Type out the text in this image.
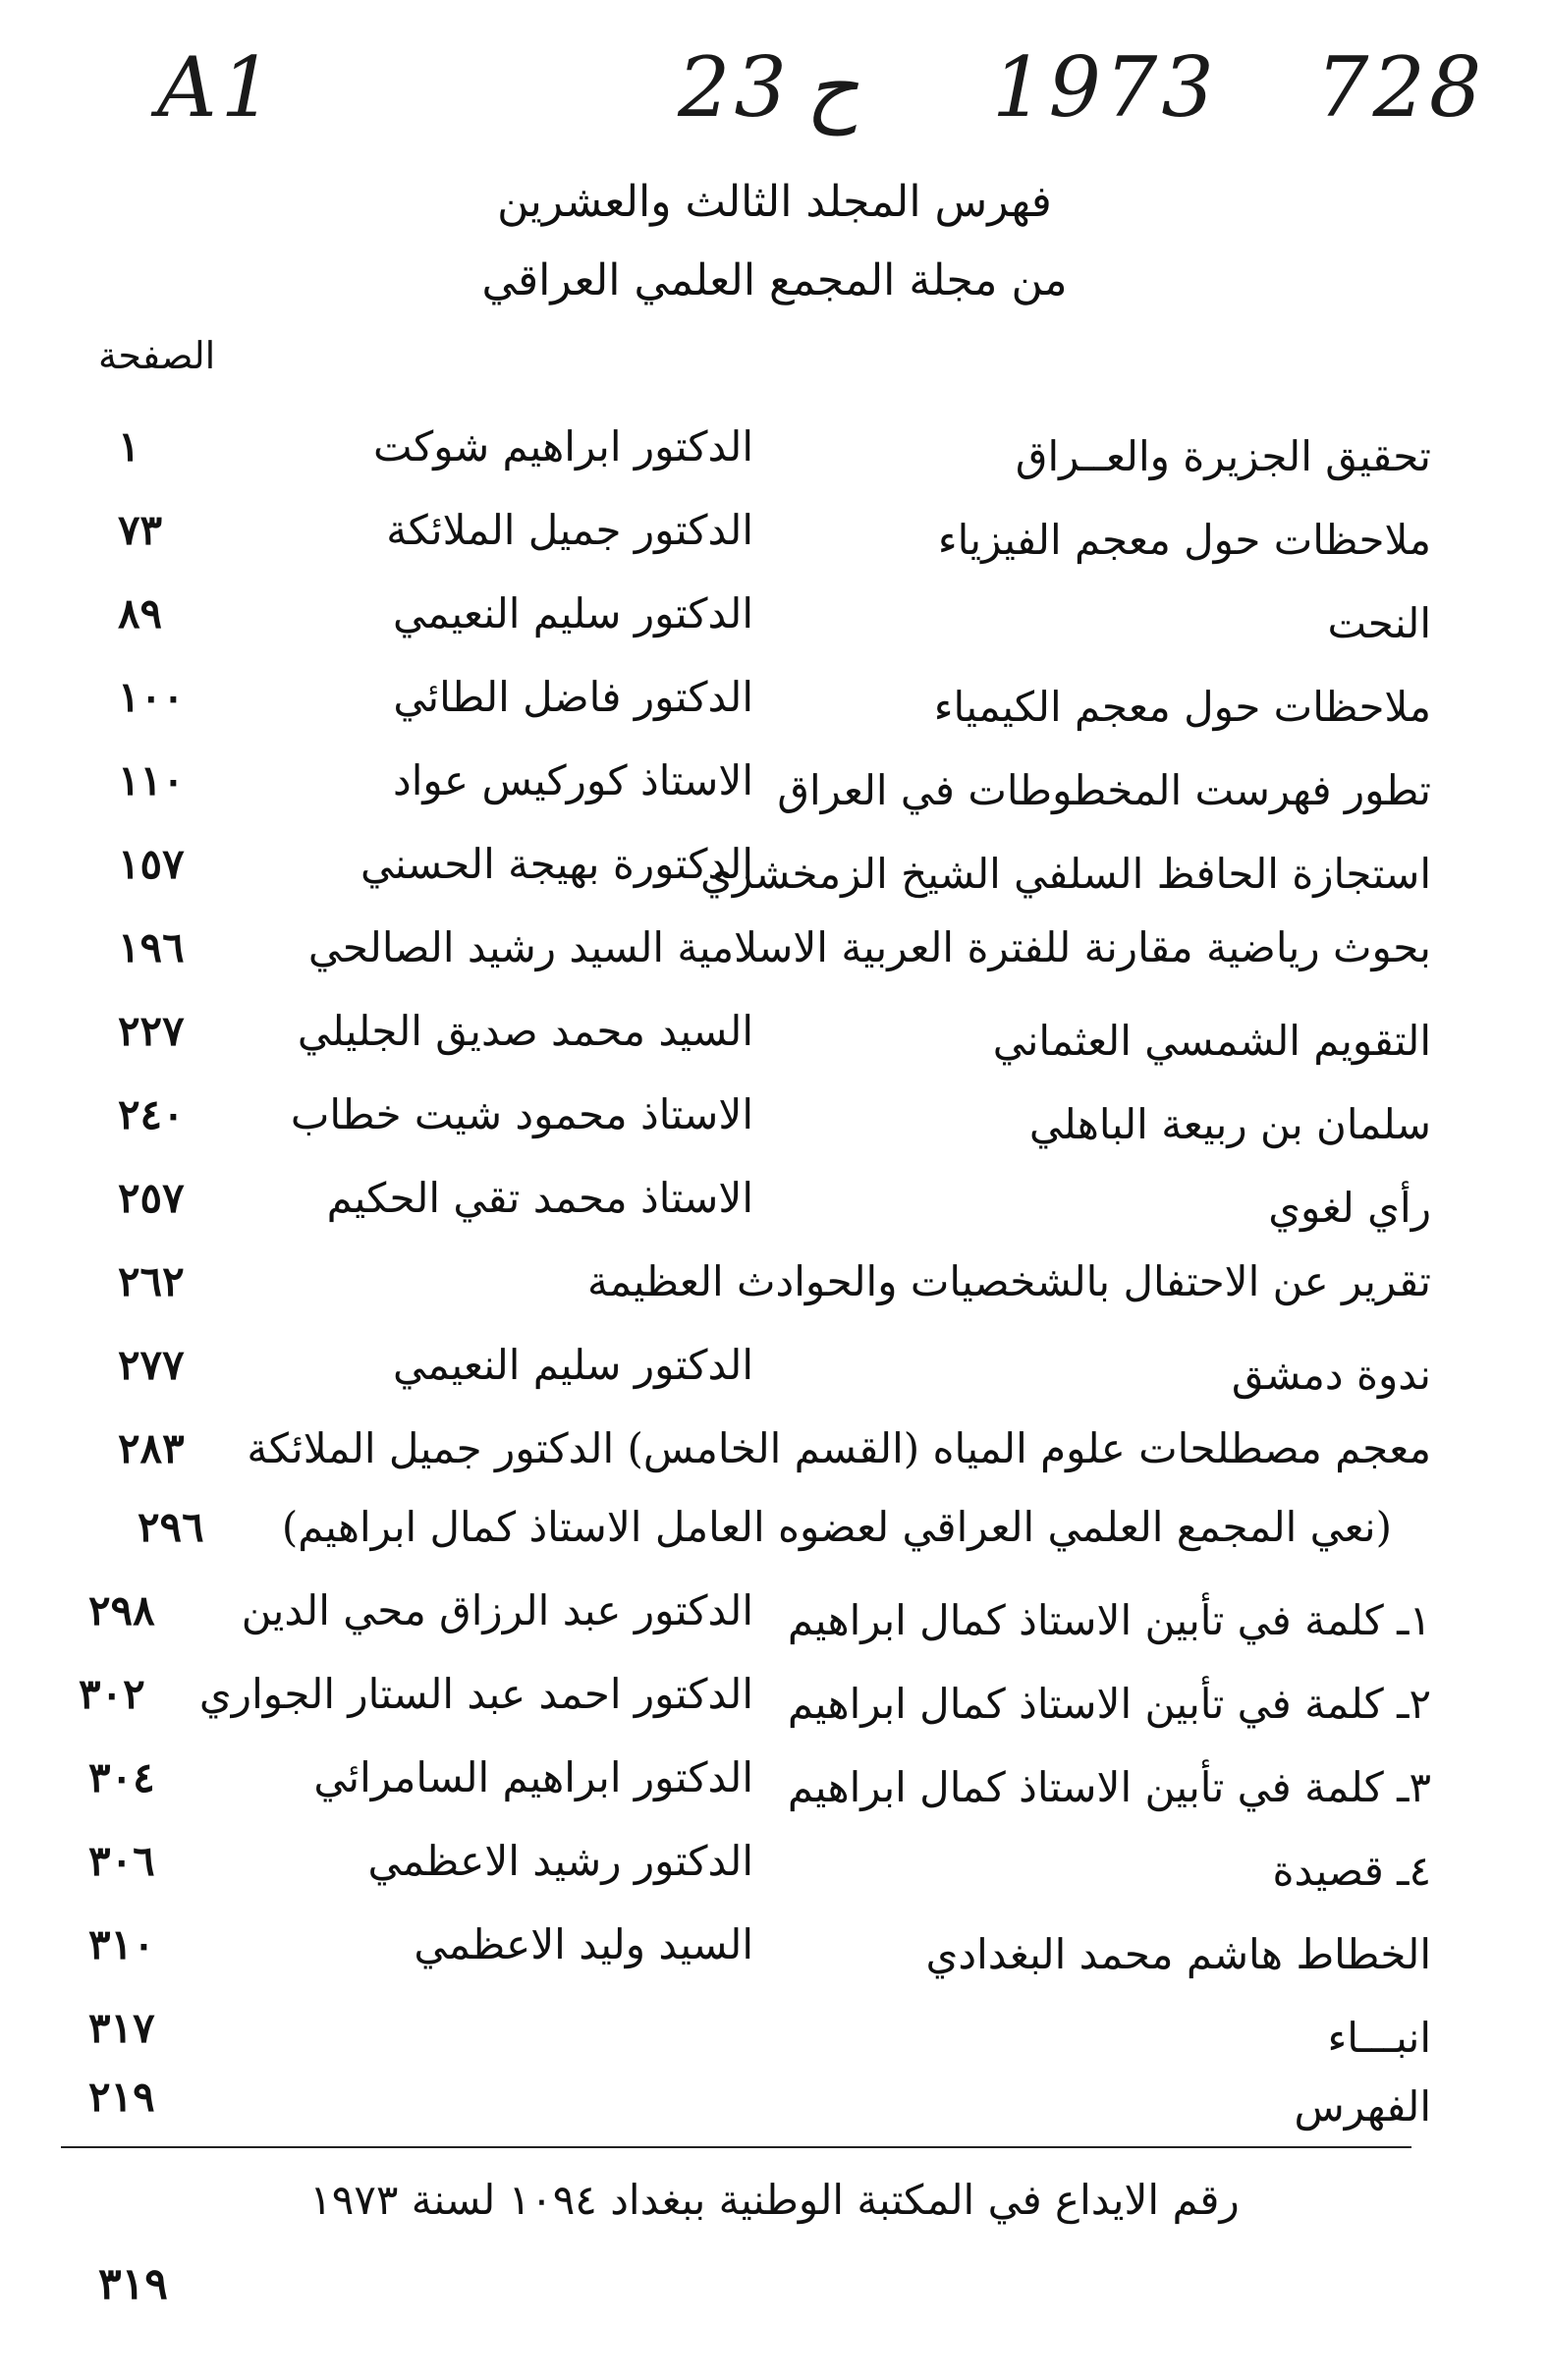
A1	23 ح 1973 728
فهرس المجلد الثالث والعشرين
من مجلة المجمع العلمي العراقي
الصفحة
تحقيق الجزيرة والعــراق
الدكتور ابراهيم شوكت
١
ملاحظات حول معجم الفيزياء
الدكتور جميل الملائكة
٧٣
النحت
الدكتور سليم النعيمي
٨٩
ملاحظات حول معجم الكيمياء
الدكتور فاضل الطائي
١٠٠
تطور فهرست المخطوطات في العراق
الاستاذ كوركيس عواد
١١٠
استجازة الحافظ السلفي الشيخ الزمخشري
الدكتورة بهيجة الحسني
١٥٧
بحوث رياضية مقارنة للفترة العربية الاسلامية السيد رشيد الصالحي
١٩٦
التقويم الشمسي العثماني
السيد محمد صديق الجليلي
٢٢٧
سلمان بن ربيعة الباهلي
الاستاذ محمود شيت خطاب
٢٤٠
رأي لغوي
الاستاذ محمد تقي الحكيم
٢٥٧
تقرير عن الاحتفال بالشخصيات والحوادث العظيمة
٢٦٢
ندوة دمشق
الدكتور سليم النعيمي
٢٧٧
معجم مصطلحات علوم المياه (القسم الخامس) الدكتور جميل الملائكة
٢٨٣
(نعي المجمع العلمي العراقي لعضوه العامل الاستاذ كمال ابراهيم)
٢٩٦
١ـ كلمة في تأبين الاستاذ كمال ابراهيم
الدكتور عبد الرزاق محي الدين
٢٩٨
٢ـ كلمة في تأبين الاستاذ كمال ابراهيم
الدكتور احمد عبد الستار الجواري
٣٠٢
٣ـ كلمة في تأبين الاستاذ كمال ابراهيم
الدكتور ابراهيم السامرائي
٣٠٤
٤ـ قصيدة
الدكتور رشيد الاعظمي
٣٠٦
الخطاط هاشم محمد البغدادي
السيد وليد الاعظمي
٣١٠
انبـــاء
٣١٧
الفهرس
٢١٩
رقم الايداع في المكتبة الوطنية ببغداد ١٠٩٤ لسنة ١٩٧٣
٣١٩
